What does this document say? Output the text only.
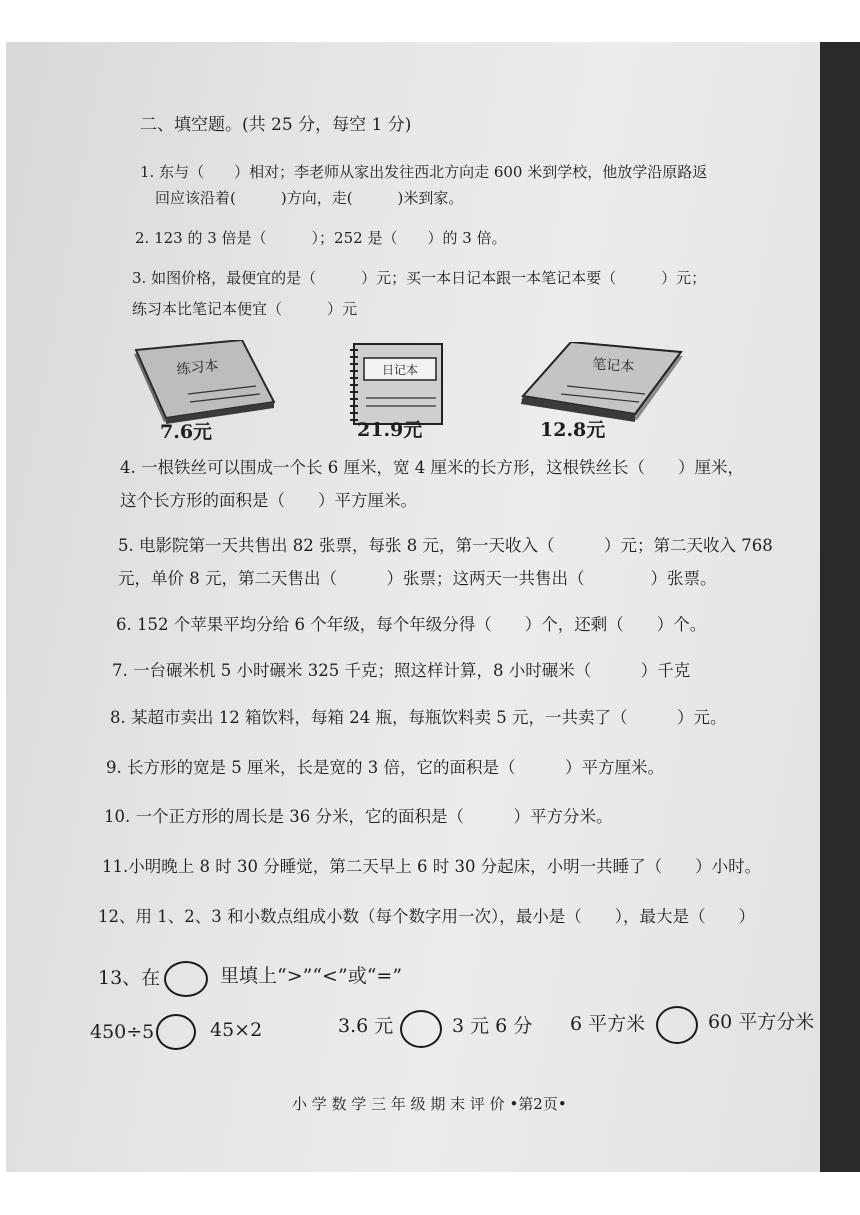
二、填空题。(共 25 分，每空 1 分)
1. 东与（　　）相对；李老师从家出发往西北方向走 600 米到学校，他放学沿原路返
回应该沿着(　　　)方向，走(　　　)米到家。
2. 123 的 3 倍是（　　　）；252 是（　　）的 3 倍。
3. 如图价格，最便宜的是（　　　）元；买一本日记本跟一本笔记本要（　　　）元；
练习本比笔记本便宜（　　　）元
练习本
7.6元
日记本
21.9元
笔记本
12.8元
4. 一根铁丝可以围成一个长 6 厘米，宽 4 厘米的长方形，这根铁丝长（　　）厘米，
这个长方形的面积是（　　）平方厘米。
5. 电影院第一天共售出 82 张票，每张 8 元，第一天收入（　　　）元；第二天收入 768
元，单价 8 元，第二天售出（　　　）张票；这两天一共售出（　　　　）张票。
6. 152 个苹果平均分给 6 个年级，每个年级分得（　　）个，还剩（　　）个。
7. 一台碾米机 5 小时碾米 325 千克；照这样计算，8 小时碾米（　　　）千克
8. 某超市卖出 12 箱饮料，每箱 24 瓶，每瓶饮料卖 5 元，一共卖了（　　　）元。
9. 长方形的宽是 5 厘米，长是宽的 3 倍，它的面积是（　　　）平方厘米。
10. 一个正方形的周长是 36 分米，它的面积是（　　　）平方分米。
11.小明晚上 8 时 30 分睡觉，第二天早上 6 时 30 分起床，小明一共睡了（　　）小时。
12、用 1、2、3 和小数点组成小数（每个数字用一次），最小是（　　），最大是（　　）
13、在	里填上“>”“<”或“=”
450÷5	45×2	3.6 元	3 元 6 分 6 平方米	60 平方分米
小 学 数 学 三 年 级 期 末 评 价 •第2页•
